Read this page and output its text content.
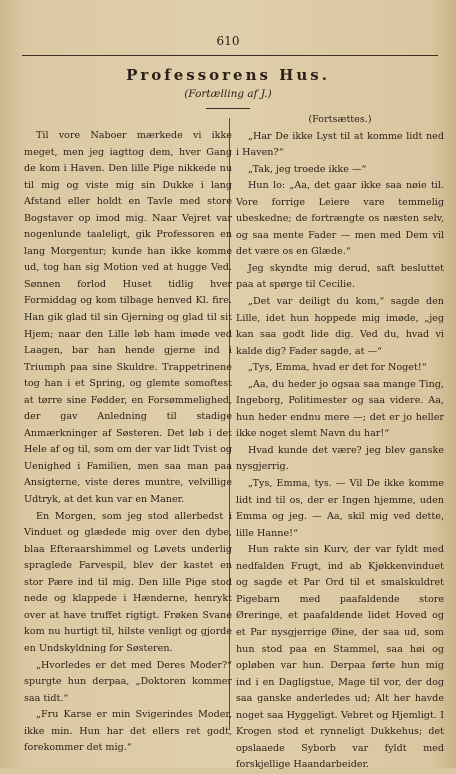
610
Professorens Hus.
(Fortælling af J.)

Til vore Naboer mærkede vi ikke meget, men jeg iagttog dem, hver Gang de kom i Haven. Den lille Pige nikkede nu til mig og viste mig sin Dukke i lang Afstand eller holdt en Tavle med store Bogstaver op imod mig. Naar Vejret var nogenlunde taaleligt, gik Professoren en lang Morgentur; kunde han ikke komme ud, tog han sig Motion ved at hugge Ved. Sønnen forlod Huset tidlig hver Formiddag og kom tilbage henved Kl. fire. Han gik glad til sin Gjerning og glad til sit Hjem; naar den Lille løb ham imøde ved Laagen, bar han hende gjerne ind i Triumph paa sine Skuldre. Trappetrinene tog han i et Spring, og glemte somoftest at tørre sine Fødder, en Forsømmelighed, der gav Anledning til stadige Anmærkninger af Søsteren. Det løb i det Hele af og til, som om der var lidt Tvist og Uenighed i Familien, men saa man paa Ansigterne, viste deres muntre, velvillige Udtryk, at det kun var en Maner.

En Morgen, som jeg stod allerbedst i Vinduet og glædede mig over den dybe, blaa Efteraarshimmel og Løvets underlig spraglede Farvespil, blev der kastet en stor Pære ind til mig. Den lille Pige stod nede og klappede i Hænderne, henrykt over at have truffet rigtigt. Frøken Svane kom nu hurtigt til, hilste venligt og gjorde en Undskyldning for Søsteren.

„Hvorledes er det med Deres Moder?“ spurgte hun derpaa, „Doktoren kommer saa tidt.“

„Fru Karse er min Svigerindes Moder, ikke min. Hun har det ellers ret godt, forekommer det mig.“

(Fortsættes.)

„Har De ikke Lyst til at komme lidt ned i Haven?“

„Tak, jeg troede ikke —“

Hun lo: „Aa, det gaar ikke saa nøie til. Vore forrige Leiere vare temmelig ubeskedne; de fortrængte os næsten selv, og saa mente Fader — men med Dem vil det være os en Glæde.“

Jeg skyndte mig derud, saft besluttet paa at spørge til Cecilie.

„Det var deiligt du kom,“ sagde den Lille, idet hun hoppede mig imøde, „jeg kan saa godt lide dig. Ved du, hvad vi kalde dig? Fader sagde, at —“

„Tys, Emma, hvad er det for Noget!“

„Aa, du heder jo ogsaa saa mange Ting, Ingeborg, Politimester og saa videre. Aa, hun heder endnu mere —; det er jo heller ikke noget slemt Navn du har!“

Hvad kunde det være? jeg blev ganske nysgjerrig.

„Tys, Emma, tys. — Vil De ikke komme lidt ind til os, der er Ingen hjemme, uden Emma og jeg. — Aa, skil mig ved dette, lille Hanne!“

Hun rakte sin Kurv, der var fyldt med nedfalden Frugt, ind ab Kjøkkenvinduet og sagde et Par Ord til et smalskuldret Pigebarn med paafaldende store Øreringe, et paafaldende lidet Hoved og et Par nysgjerrige Øine, der saa ud, som hun stod paa en Stammel, saa høi og opløben var hun. Derpaa førte hun mig ind i en Dagligstue, Mage til vor, der dog saa ganske anderledes ud; Alt her havde noget saa Hyggeligt. Vebret og Hjemligt. I Krogen stod et rynneligt Dukkehus; det opslaaede Syborb var fyldt med forskjellige Haandarbeider.
